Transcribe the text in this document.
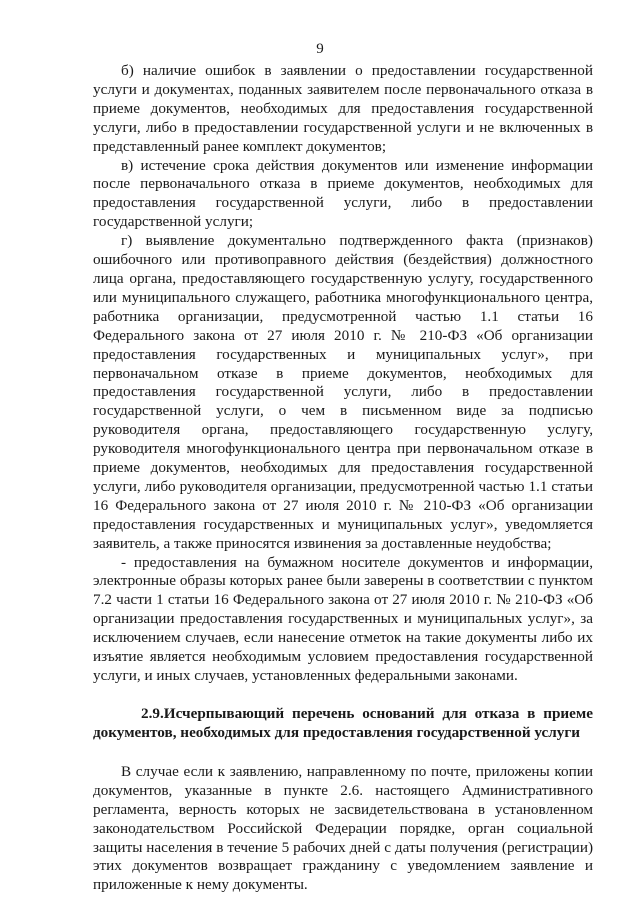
9

б) наличие ошибок в заявлении о предоставлении государственной услуги и документах, поданных заявителем после первоначального отказа в приеме документов, необходимых для предоставления государственной услуги, либо в предоставлении государственной услуги и не включенных в представленный ранее комплект документов;

в) истечение срока действия документов или изменение информации после первоначального отказа в приеме документов, необходимых для предоставления государственной услуги, либо в предоставлении государственной услуги;

г) выявление документально подтвержденного факта (признаков) ошибочного или противоправного действия (бездействия) должностного лица органа, предоставляющего государственную услугу, государственного или муниципального служащего, работника многофункционального центра, работника организации, предусмотренной частью 1.1 статьи 16 Федерального закона от 27 июля 2010 г. № 210-ФЗ «Об организации предоставления государственных и муниципальных услуг», при первоначальном отказе в приеме документов, необходимых для предоставления государственной услуги, либо в предоставлении государственной услуги, о чем в письменном виде за подписью руководителя органа, предоставляющего государственную услугу, руководителя многофункционального центра при первоначальном отказе в приеме документов, необходимых для предоставления государственной услуги, либо руководителя организации, предусмотренной частью 1.1 статьи 16 Федерального закона от 27 июля 2010 г. № 210-ФЗ «Об организации предоставления государственных и муниципальных услуг», уведомляется заявитель, а также приносятся извинения за доставленные неудобства;

- предоставления на бумажном носителе документов и информации, электронные образы которых ранее были заверены в соответствии с пунктом 7.2 части 1 статьи 16 Федерального закона от 27 июля 2010 г. № 210-ФЗ «Об организации предоставления государственных и муниципальных услуг», за исключением случаев, если нанесение отметок на такие документы либо их изъятие является необходимым условием предоставления государственной услуги, и иных случаев, установленных федеральными законами.

2.9.Исчерпывающий перечень оснований для отказа в приеме документов, необходимых для предоставления государственной услуги

В случае если к заявлению, направленному по почте, приложены копии документов, указанные в пункте 2.6. настоящего Административного регламента, верность которых не засвидетельствована в установленном законодательством Российской Федерации порядке, орган социальной защиты населения в течение 5 рабочих дней с даты получения (регистрации) этих документов возвращает гражданину с уведомлением заявление и приложенные к нему документы.
